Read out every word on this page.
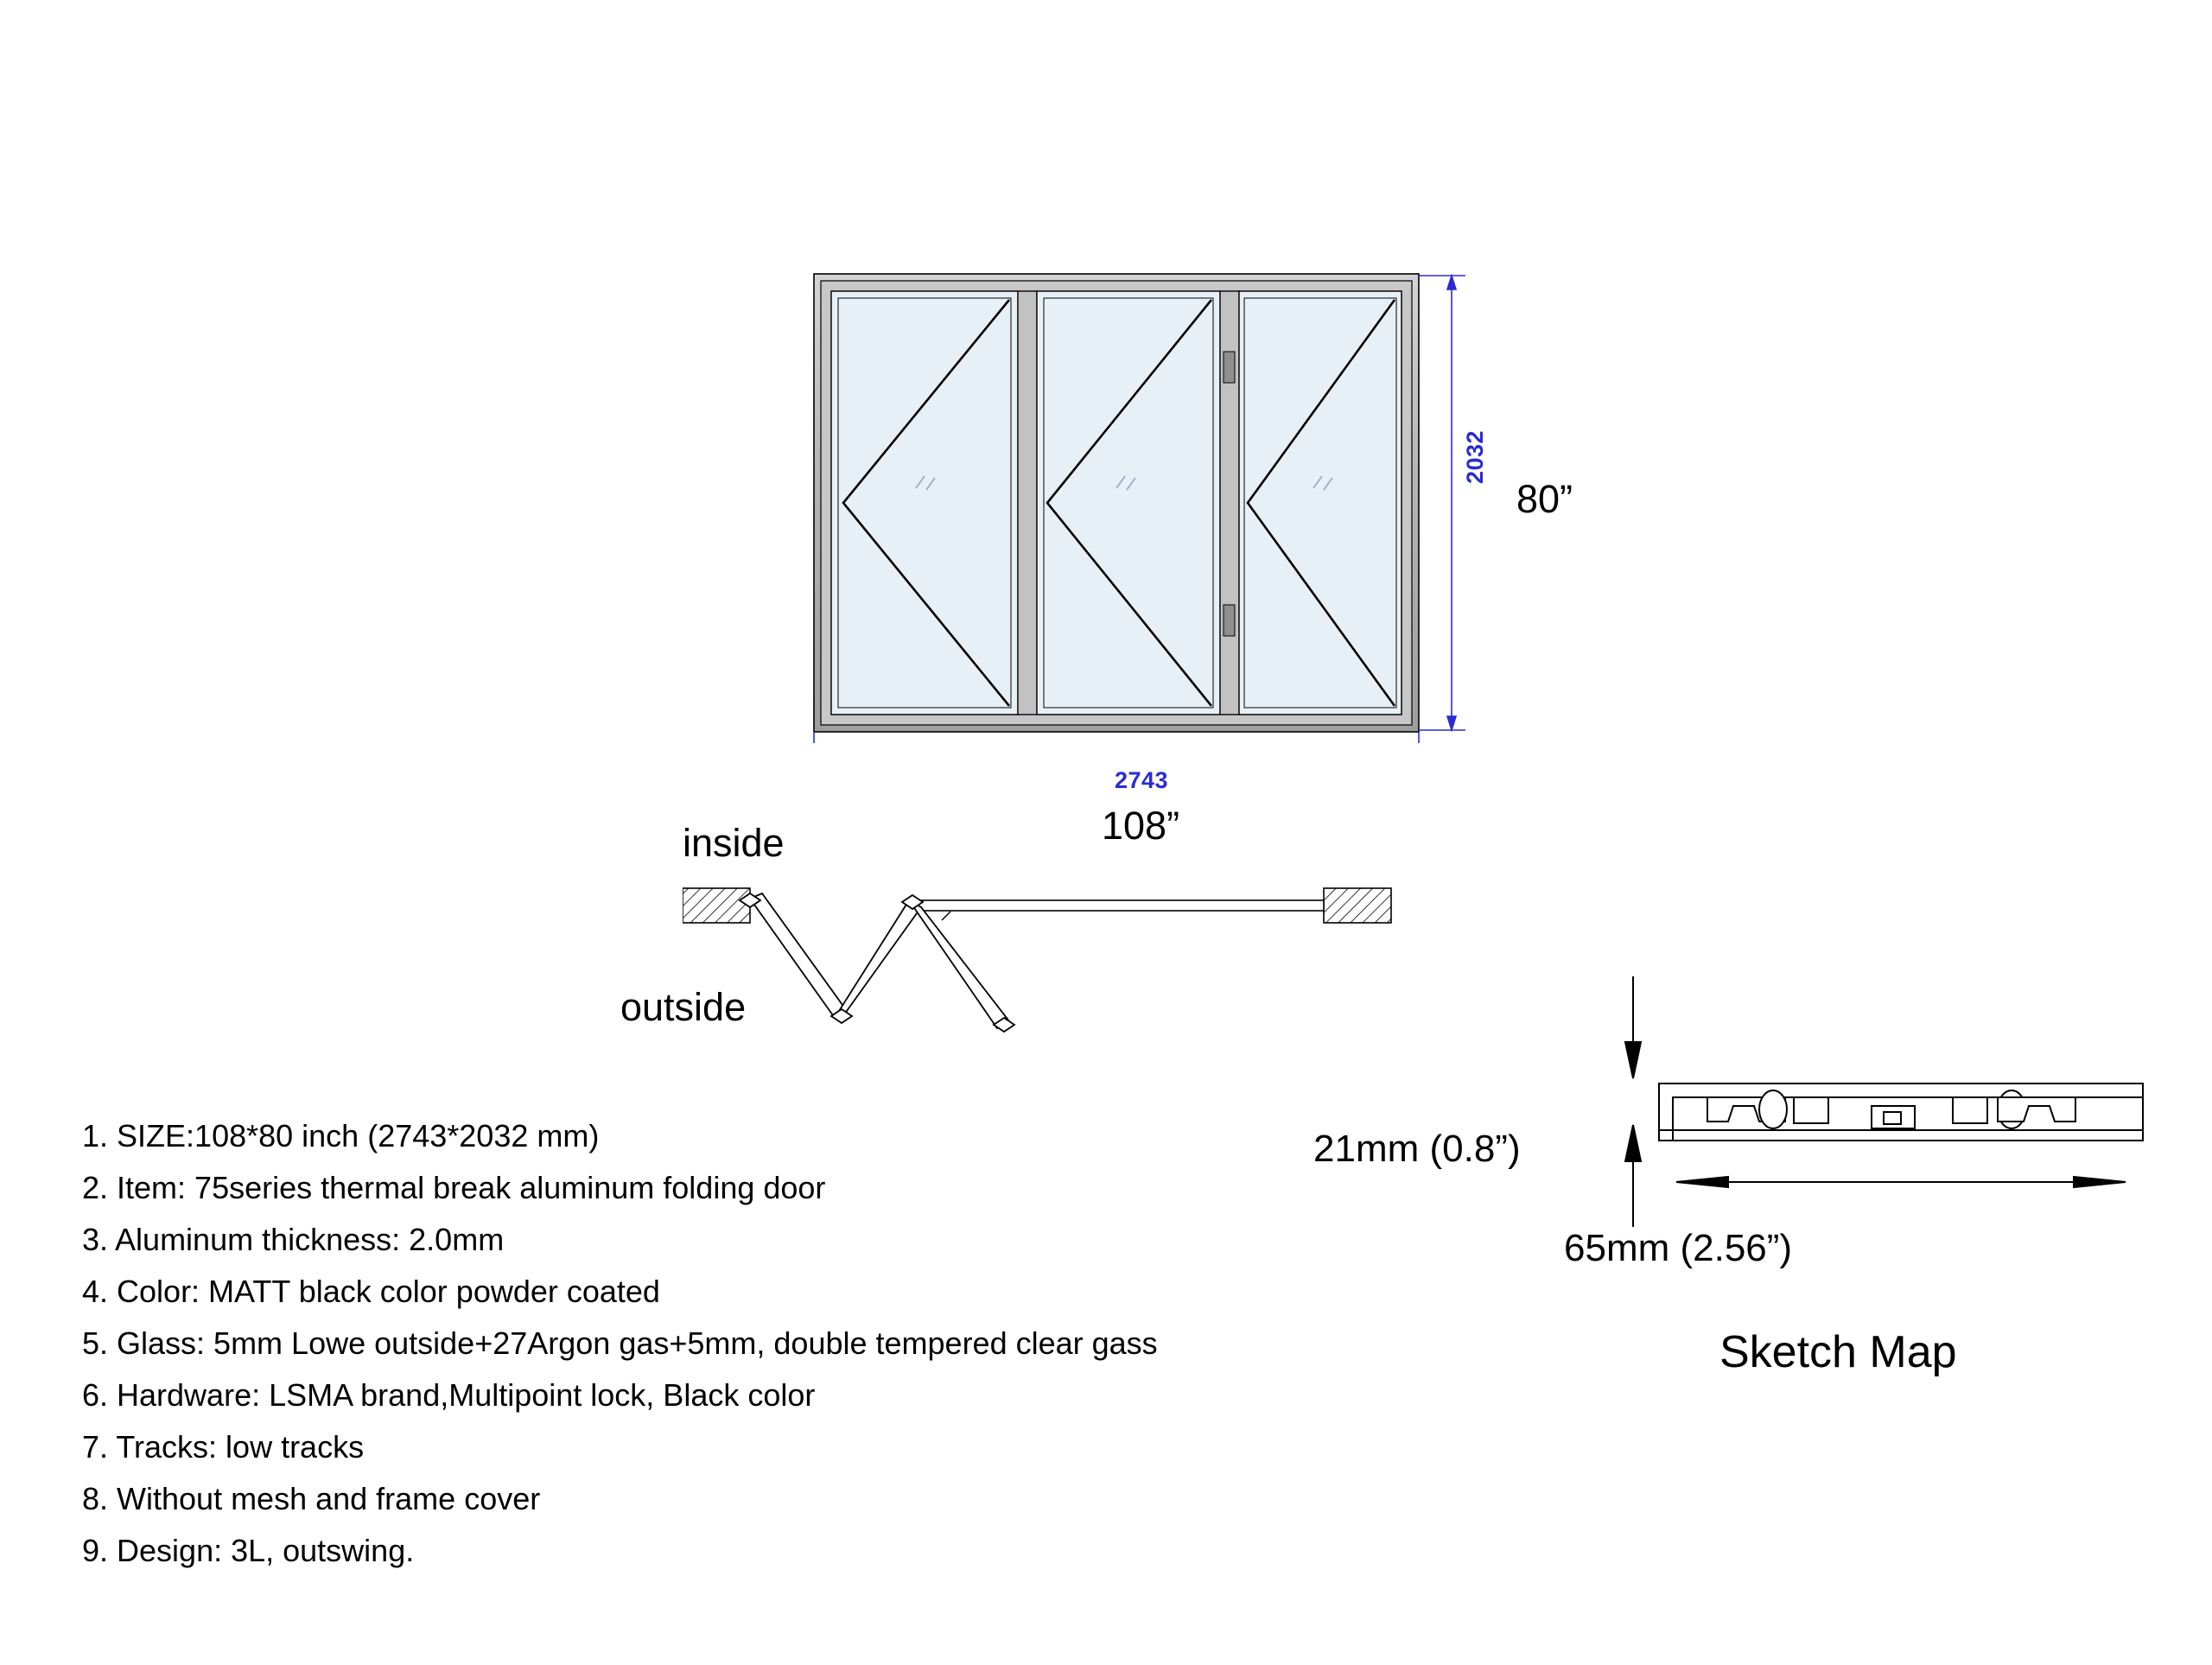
2743
2032
108”
80”
inside
outside
1. SIZE:108*80 inch (2743*2032 mm)
2. Item: 75series thermal break aluminum folding door
3. Aluminum thickness: 2.0mm
4. Color: MATT black color powder coated
5. Glass: 5mm Lowe outside+27Argon gas+5mm, double tempered clear gass
6. Hardware: LSMA brand,Multipoint lock, Black color
7. Tracks: low tracks
8. Without mesh and frame cover
9. Design: 3L, outswing.
21mm (0.8”)
65mm (2.56”)
Sketch Map
